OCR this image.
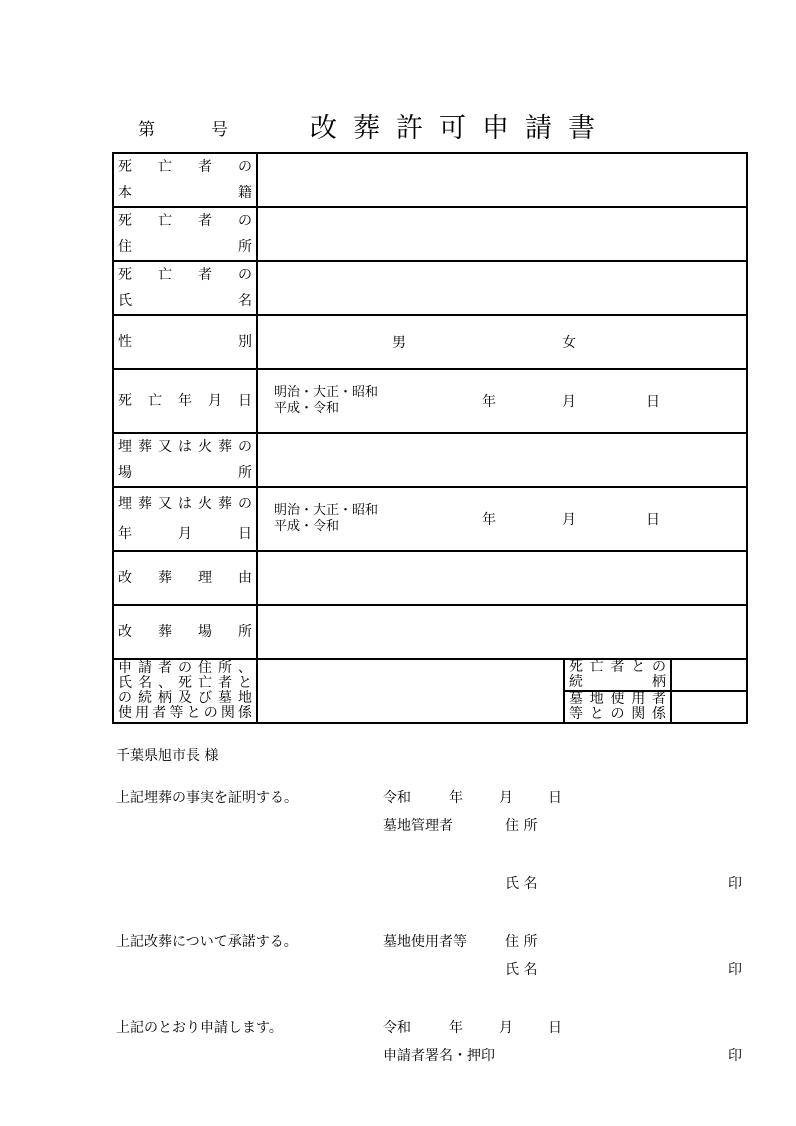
第	号	改葬許可申請書
死 亡 者 の
本	籍

死 亡 者 の
住	所

死 亡 者 の
氏	名

性	別	男	女

死 亡 年 月 日

明治・大正・昭和
平成・令和	年	月	日

埋 葬 又 は 火 葬 の
場	所

埋 葬 又 は 火 葬 の
年	月	日

明治・大正・昭和
平成・令和	年	月	日

改 葬 理 由

改 葬 場 所

申 請 者 の 住 所 、
氏 名 、 死 亡 者 と
の 続 柄 及 び 墓 地
使 用 者 等 と の 関 係

死 亡 者 と の
続	柄

墓 地 使 用 者
等 と の 関 係

千葉県旭市長 様
上記埋葬の事実を証明する。	令和	年	月	日
墓地管理者	住 所
氏 名	印
上記改葬について承諾する。	墓地使用者等	住 所
氏 名	印
上記のとおり申請します。	令和	年	月	日
申請者署名・押印	印
